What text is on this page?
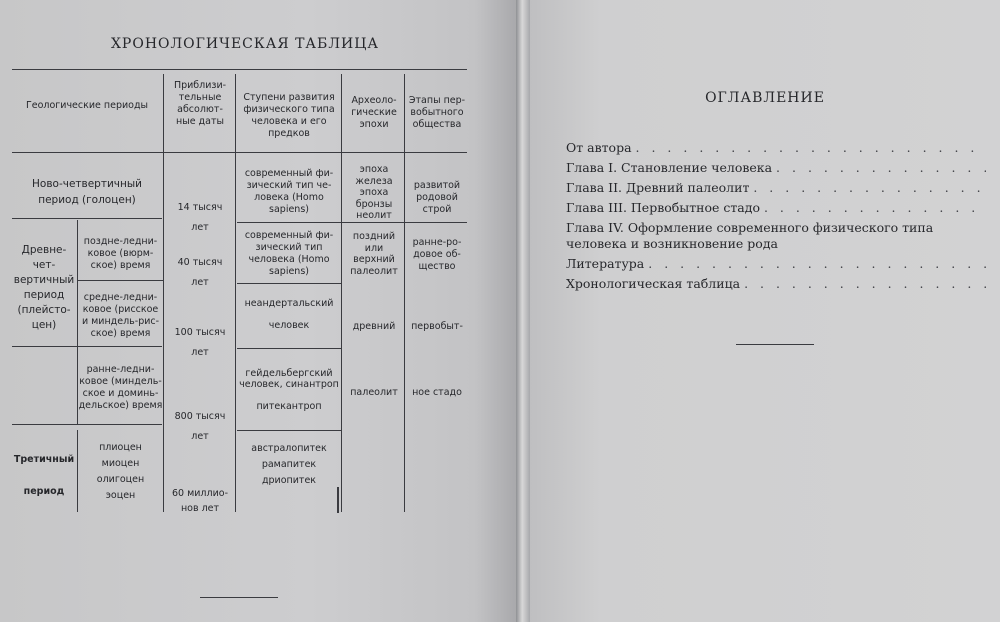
ХРОНОЛОГИЧЕСКАЯ ТАБЛИЦА
Геологические периоды
Приблизи-
тельные
абсолют-
ные даты
Ступени развития
физического типа
человека и его
предков
Археоло-
гические
эпохи
Этапы пер-
вобытного
общества
Ново-четвертичный
период (голоцен)
Древне-чет-
вертичный
период
(плейсто-
цен)
Третичный

период
поздне-ледни-
ковое (вюрм-
ское) время
средне-ледни-
ковое (рисское
и миндель-рис-
ское) время
ранне-ледни-
ковое (миндель-
ское и доминь-
дельское) время
плиоцен
миоцен
олигоцен
эоцен
14 тысяч
лет
40 тысяч
лет
100 тысяч
лет
800 тысяч
лет
60 миллио-
нов лет
современный фи-
зический тип че-
ловека (Homo
sapiens)
современный фи-
зический тип
человека (Homo
sapiens)
неандертальский

человек
гейдельбергский
человек, синантроп

питекантроп
австралопитек
рамапитек
дриопитек
эпоха
железа
эпоха
бронзы
неолит
поздний
или
верхний
палеолит
древний
палеолит
развитой
родовой
строй
ранне-ро-
довое об-
щество
первобыт-
ное стадо
ОГЛАВЛЕНИЕ
От автора
. . .
Глава I. Становление человека
. . .
Глава II. Древний палеолит
. . .
Глава III. Первобытное стадо
. . .
Глава IV. Оформление современного физического типа человека и возникновение рода
Литература
. . .
Хронологическая таблица
. . .
